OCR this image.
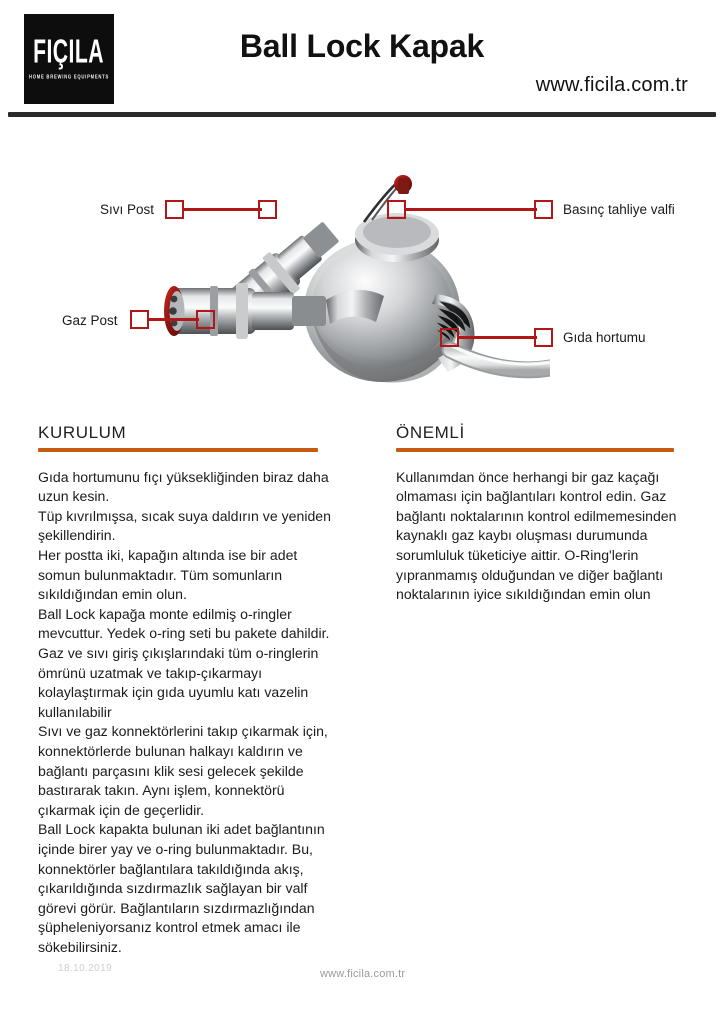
FIÇILA
HOME BREWING EQUIPMENTS
Ball Lock Kapak
www.ficila.com.tr
Sıvı Post
Gaz Post
Basınç tahliye valfi
Gıda hortumu
KURULUM

Gıda hortumunu fıçı yüksekliğinden biraz daha uzun kesin.

Tüp kıvrılmışsa, sıcak suya daldırın ve yeniden şekillendirin.

Her postta iki, kapağın altında ise bir adet somun bulunmaktadır. Tüm somunların sıkıldığından emin olun.

Ball Lock kapağa monte edilmiş o-ringler mevcuttur. Yedek o-ring seti bu pakete dahildir.

Gaz ve sıvı giriş çıkışlarındaki tüm o-ringlerin ömrünü uzatmak ve takıp-çıkarmayı kolaylaştırmak için gıda uyumlu katı vazelin kullanılabilir

Sıvı ve gaz konnektörlerini takıp çıkarmak için, konnektörlerde bulunan halkayı kaldırın ve bağlantı parçasını klik sesi gelecek şekilde bastırarak takın. Aynı işlem, konnektörü çıkarmak için de geçerlidir.

Ball Lock kapakta bulunan iki adet bağlantının içinde birer yay ve o-ring bulunmaktadır. Bu, konnektörler bağlantılara takıldığında akış, çıkarıldığında sızdırmazlık sağlayan bir valf görevi görür. Bağlantıların sızdırmazlığından şüpheleniyorsanız kontrol etmek amacı ile sökebilirsiniz.

ÖNEMLİ

Kullanımdan önce herhangi bir gaz kaçağı olmaması için bağlantıları kontrol edin. Gaz bağlantı noktalarının kontrol edilmemesinden kaynaklı gaz kaybı oluşması durumunda sorumluluk tüketiciye aittir. O-Ring'lerin yıpranmamış olduğundan ve diğer bağlantı noktalarının iyice sıkıldığından emin olun

18.10.2019	www.ficila.com.tr
